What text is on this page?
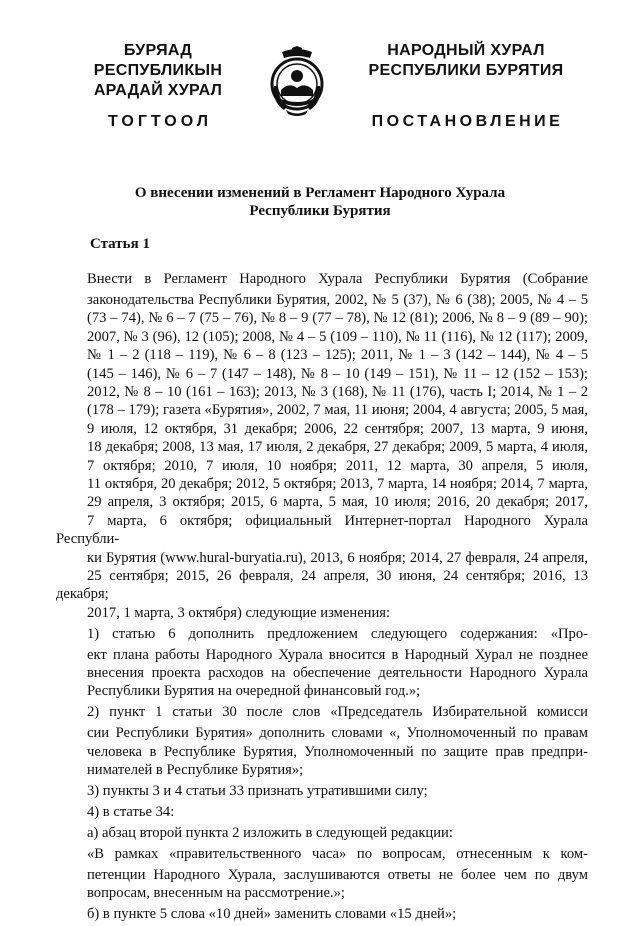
БУРЯАД РЕСПУБЛИКЫН
АРАДАЙ ХУРАЛ
НАРОДНЫЙ ХУРАЛ
РЕСПУБЛИКИ БУРЯТИЯ
ТОГТООЛ	ПОСТАНОВЛЕНИЕ
О внесении изменений в Регламент Народного Хурала
Республики Бурятия
Статья 1

Внести в Регламент Народного Хурала Республики Бурятия (Собрание

законодательства Республики Бурятия, 2002, № 5 (37), № 6 (38); 2005, № 4 – 5
(73 – 74), № 6 – 7 (75 – 76), № 8 – 9 (77 – 78), № 12 (81); 2006, № 8 – 9 (89 – 90);
2007, № 3 (96), 12 (105); 2008, № 4 – 5 (109 – 110), № 11 (116), № 12 (117); 2009,
№ 1 – 2 (118 – 119), № 6 – 8 (123 – 125); 2011, № 1 – 3 (142 – 144), № 4 – 5
(145 – 146), № 6 – 7 (147 – 148), № 8 – 10 (149 – 151), № 11 – 12 (152 – 153);
2012, № 8 – 10 (161 – 163); 2013, № 3 (168), № 11 (176), часть I; 2014, № 1 – 2
(178 – 179); газета «Бурятия», 2002, 7 мая, 11 июня; 2004, 4 августа; 2005, 5 мая,
9 июля, 12 октября, 31 декабря; 2006, 22 сентября; 2007, 13 марта, 9 июня,
18 декабря; 2008, 13 мая, 17 июля, 2 декабря, 27 декабря; 2009, 5 марта, 4 июля,
7 октября; 2010, 7 июля, 10 ноября; 2011, 12 марта, 30 апреля, 5 июля,
11 октября, 20 декабря; 2012, 5 октября; 2013, 7 марта, 14 ноября; 2014, 7 марта,
29 апреля, 3 октября; 2015, 6 марта, 5 мая, 10 июля; 2016, 20 декабря; 2017,
7 марта, 6 октября; официальный Интернет-портал Народного Хурала Республи-
ки Бурятия (www.hural-buryatia.ru), 2013, 6 ноября; 2014, 27 февраля, 24 апреля,
25 сентября; 2015, 26 февраля, 24 апреля, 30 июня, 24 сентября; 2016, 13 декабря;
2017, 1 марта, 3 октября) следующие изменения:

1) статью 6 дополнить предложением следующего содержания: «Про-

ект плана работы Народного Хурала вносится в Народный Хурал не позднее
внесения проекта расходов на обеспечение деятельности Народного Хурала
Республики Бурятия на очередной финансовый год.»;

2) пункт 1 статьи 30 после слов «Председатель Избирательной комисси

сии Республики Бурятия» дополнить словами «, Уполномоченный по правам
человека в Республике Бурятия, Уполномоченный по защите прав предпри-
нимателей в Республике Бурятия»;

3) пункты 3 и 4 статьи 33 признать утратившими силу;

4) в статье 34:

а) абзац второй пункта 2 изложить в следующей редакции:

«В рамках «правительственного часа» по вопросам, отнесенным к ком-

петенции Народного Хурала, заслушиваются ответы не более чем по двум
вопросам, внесенным на рассмотрение.»;

б) в пункте 5 слова «10 дней» заменить словами «15 дней»;
